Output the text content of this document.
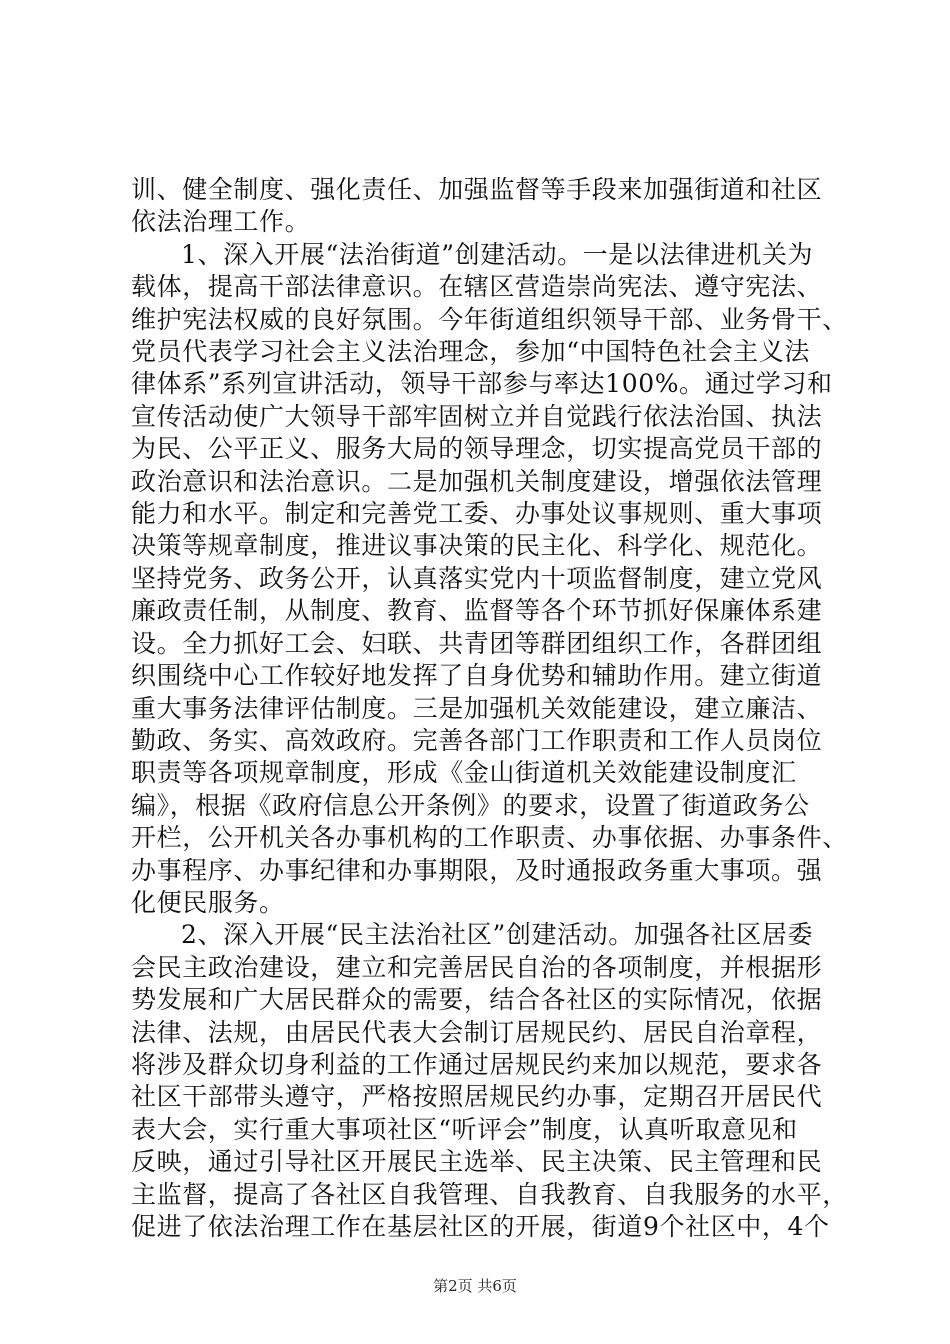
训、健全制度、强化责任、加强监督等手段来加强街道和社区
依法治理工作。
1、深入开展“法治街道”创建活动。一是以法律进机关为
载体，提高干部法律意识。在辖区营造崇尚宪法、遵守宪法、
维护宪法权威的良好氛围。今年街道组织领导干部、业务骨干、
党员代表学习社会主义法治理念，参加“中国特色社会主义法
律体系”系列宣讲活动，领导干部参与率达100%。通过学习和
宣传活动使广大领导干部牢固树立并自觉践行依法治国、执法
为民、公平正义、服务大局的领导理念，切实提高党员干部的
政治意识和法治意识。二是加强机关制度建设，增强依法管理
能力和水平。制定和完善党工委、办事处议事规则、重大事项
决策等规章制度，推进议事决策的民主化、科学化、规范化。
坚持党务、政务公开，认真落实党内十项监督制度，建立党风
廉政责任制，从制度、教育、监督等各个环节抓好保廉体系建
设。全力抓好工会、妇联、共青团等群团组织工作，各群团组
织围绕中心工作较好地发挥了自身优势和辅助作用。建立街道
重大事务法律评估制度。三是加强机关效能建设，建立廉洁、
勤政、务实、高效政府。完善各部门工作职责和工作人员岗位
职责等各项规章制度，形成《金山街道机关效能建设制度汇
编》，根据《政府信息公开条例》的要求，设置了街道政务公
开栏，公开机关各办事机构的工作职责、办事依据、办事条件、
办事程序、办事纪律和办事期限，及时通报政务重大事项。强
化便民服务。
2、深入开展“民主法治社区”创建活动。加强各社区居委
会民主政治建设，建立和完善居民自治的各项制度，并根据形
势发展和广大居民群众的需要，结合各社区的实际情况，依据
法律、法规，由居民代表大会制订居规民约、居民自治章程，
将涉及群众切身利益的工作通过居规民约来加以规范，要求各
社区干部带头遵守，严格按照居规民约办事，定期召开居民代
表大会，实行重大事项社区“听评会”制度，认真听取意见和
反映，通过引导社区开展民主选举、民主决策、民主管理和民
主监督，提高了各社区自我管理、自我教育、自我服务的水平，
促进了依法治理工作在基层社区的开展，街道9个社区中，4个
第2页 共6页
